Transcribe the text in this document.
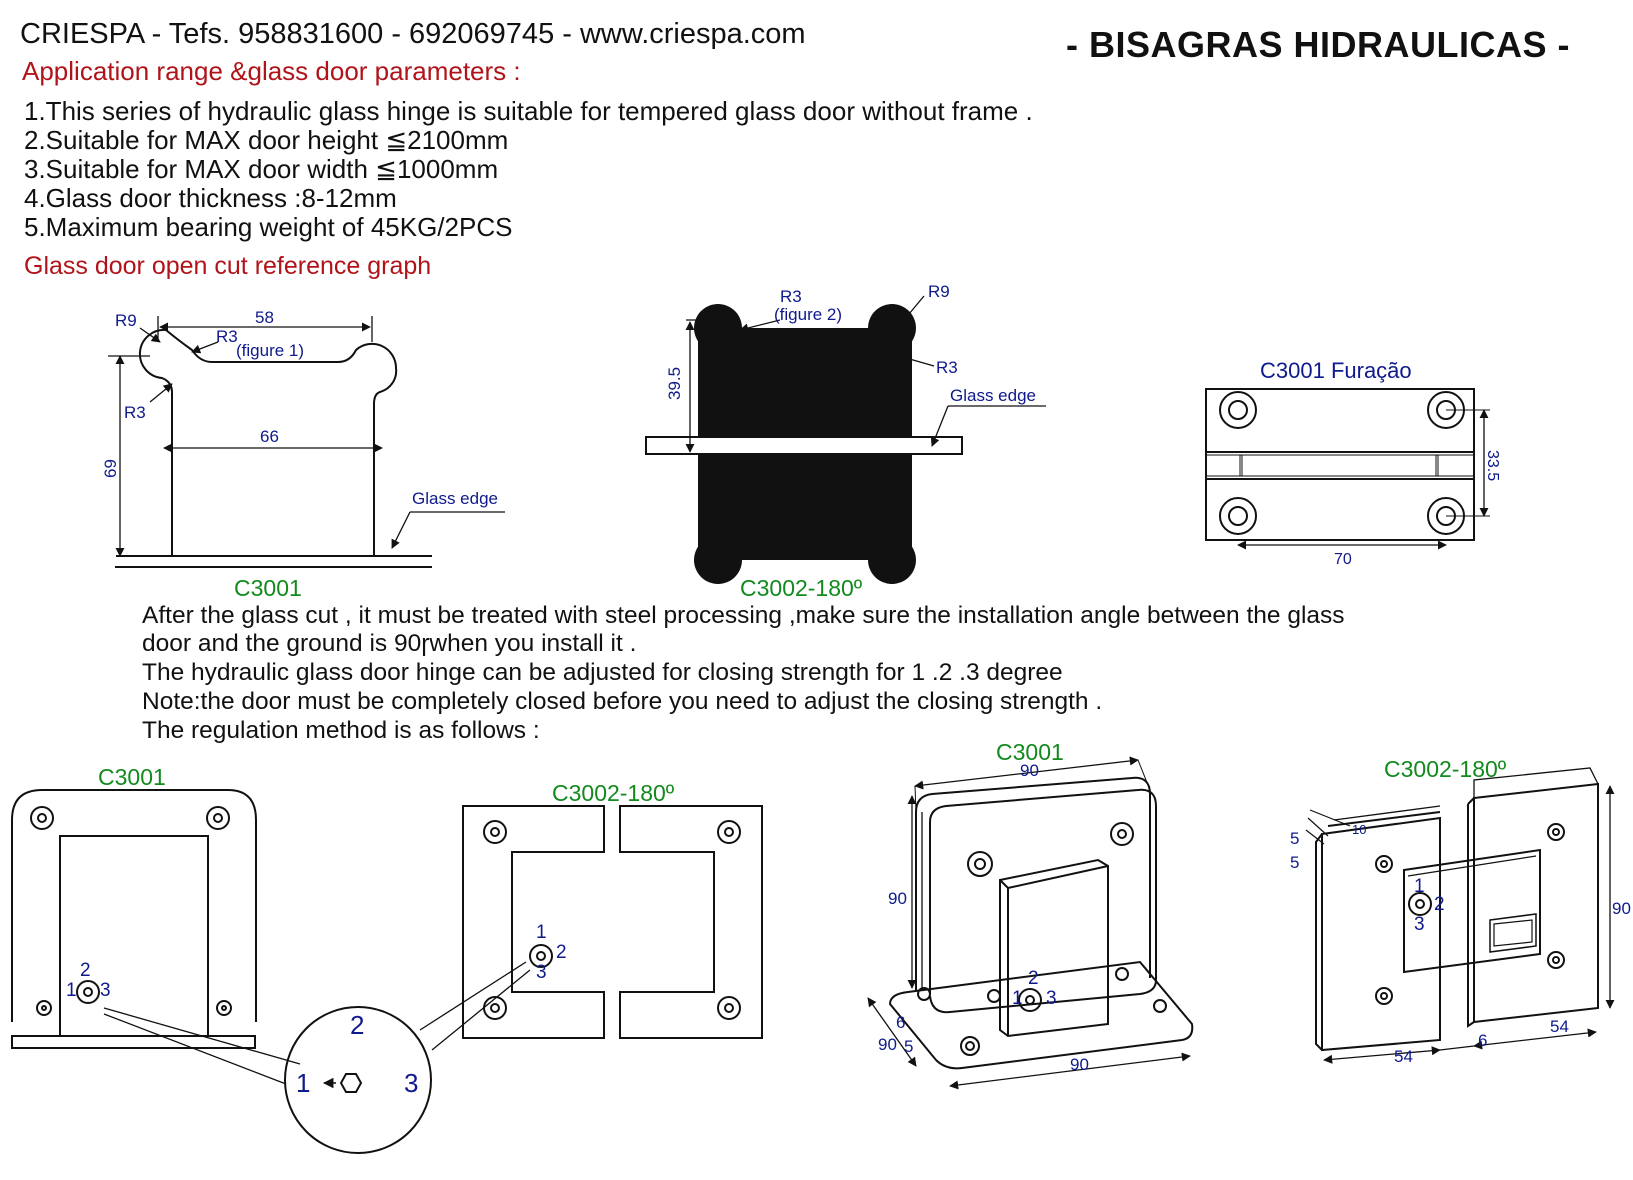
CRIESPA - Tefs. 958831600 - 692069745 - www.criespa.com	- BISAGRAS HIDRAULICAS -
Application range &glass door parameters :
1.This series of hydraulic glass hinge is suitable for tempered glass door without frame .
2.Suitable for MAX door height ≦2100mm
3.Suitable for MAX door width ≦1000mm
4.Glass door thickness :8-12mm
5.Maximum bearing weight of 45KG/2PCS
Glass door open cut reference graph
After the glass cut , it must be treated with steel processing ,make sure the installation angle between the glass
door and the ground is 90ɼwhen you install it .
The hydraulic glass door hinge can be adjusted for closing strength for 1 .2 .3 degree
Note:the door must be completely closed before you need to adjust the closing strength .
The regulation method is as follows :
R9	58
R3
(figure 1)
R3
66
69
Glass edge
C3001
R3
(figure 2)
R9
R3
39.5	Glass edge
C3002-180º
C3001 Furação
70
33.5
C3001
C3002-180º
C3001
90
90
90
6
90 5
C3002-180º
5
5
10
90
54
6
54
2
1 3
1
2
3	2
1 3
1
2
3
2
1	3
